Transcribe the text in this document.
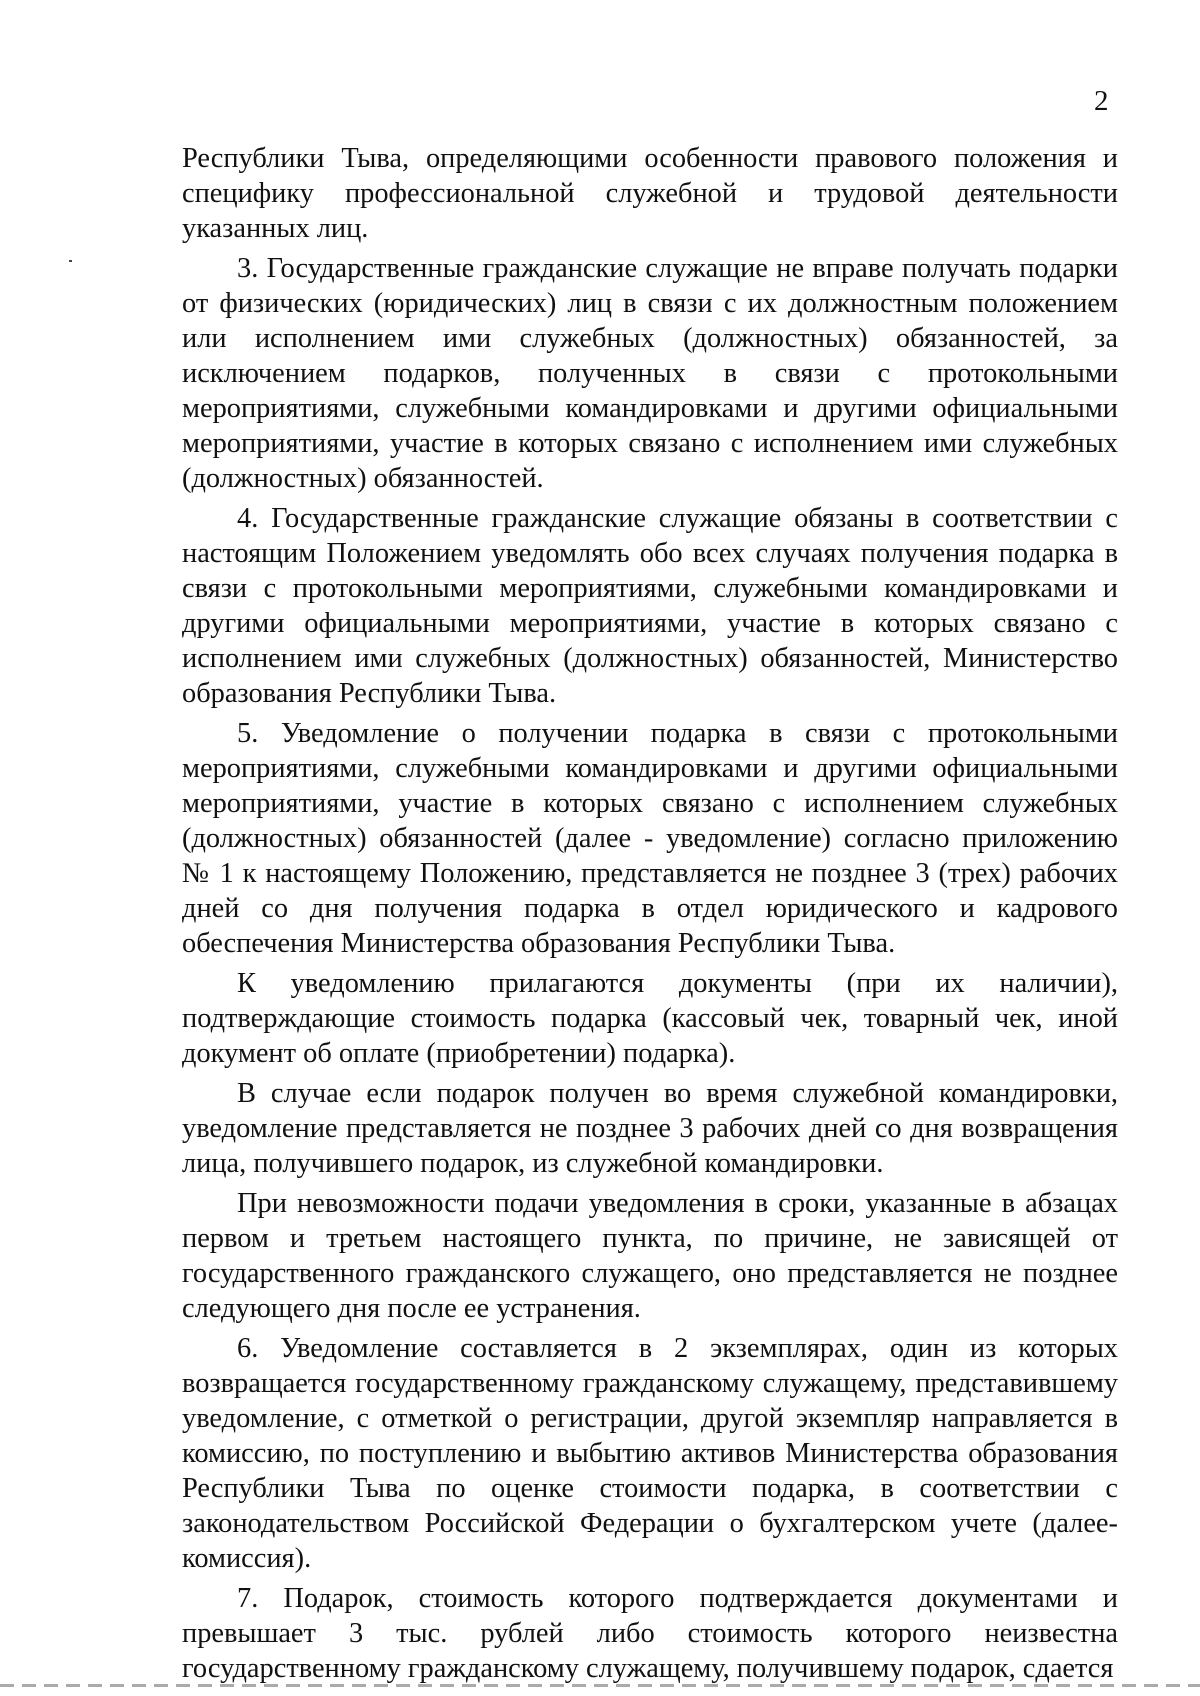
2

Республики Тыва, определяющими особенности правового положения и специфику профессиональной служебной и трудовой деятельности указанных лиц.

3. Государственные гражданские служащие не вправе получать подарки от физических (юридических) лиц в связи с их должностным положением или исполнением ими служебных (должностных) обязанностей, за исключением подарков, полученных в связи с протокольными мероприятиями, служебными командировками и другими официальными мероприятиями, участие в которых связано с исполнением ими служебных (должностных) обязанностей.

4. Государственные гражданские служащие обязаны в соответствии с настоящим Положением уведомлять обо всех случаях получения подарка в связи с протокольными мероприятиями, служебными командировками и другими официальными мероприятиями, участие в которых связано с исполнением ими служебных (должностных) обязанностей, Министерство образования Республики Тыва.

5. Уведомление о получении подарка в связи с протокольными мероприятиями, служебными командировками и другими официальными мероприятиями, участие в которых связано с исполнением служебных (должностных) обязанностей (далее - уведомление) согласно приложению № 1 к настоящему Положению, представляется не позднее 3 (трех) рабочих дней со дня получения подарка в отдел юридического и кадрового обеспечения Министерства образования Республики Тыва.

К уведомлению прилагаются документы (при их наличии), подтверждающие стоимость подарка (кассовый чек, товарный чек, иной документ об оплате (приобретении) подарка).

В случае если подарок получен во время служебной командировки, уведомление представляется не позднее 3 рабочих дней со дня возвращения лица, получившего подарок, из служебной командировки.

При невозможности подачи уведомления в сроки, указанные в абзацах первом и третьем настоящего пункта, по причине, не зависящей от государственного гражданского служащего, оно представляется не позднее следующего дня после ее устранения.

6. Уведомление составляется в 2 экземплярах, один из которых возвращается государственному гражданскому служащему, представившему уведомление, с отметкой о регистрации, другой экземпляр направляется в комиссию, по поступлению и выбытию активов Министерства образования Республики Тыва по оценке стоимости подарка, в соответствии с законодательством Российской Федерации о бухгалтерском учете (далее-комиссия).

7. Подарок, стоимость которого подтверждается документами и превышает 3 тыс. рублей либо стоимость которого неизвестна государственному гражданскому служащему, получившему подарок, сдается
